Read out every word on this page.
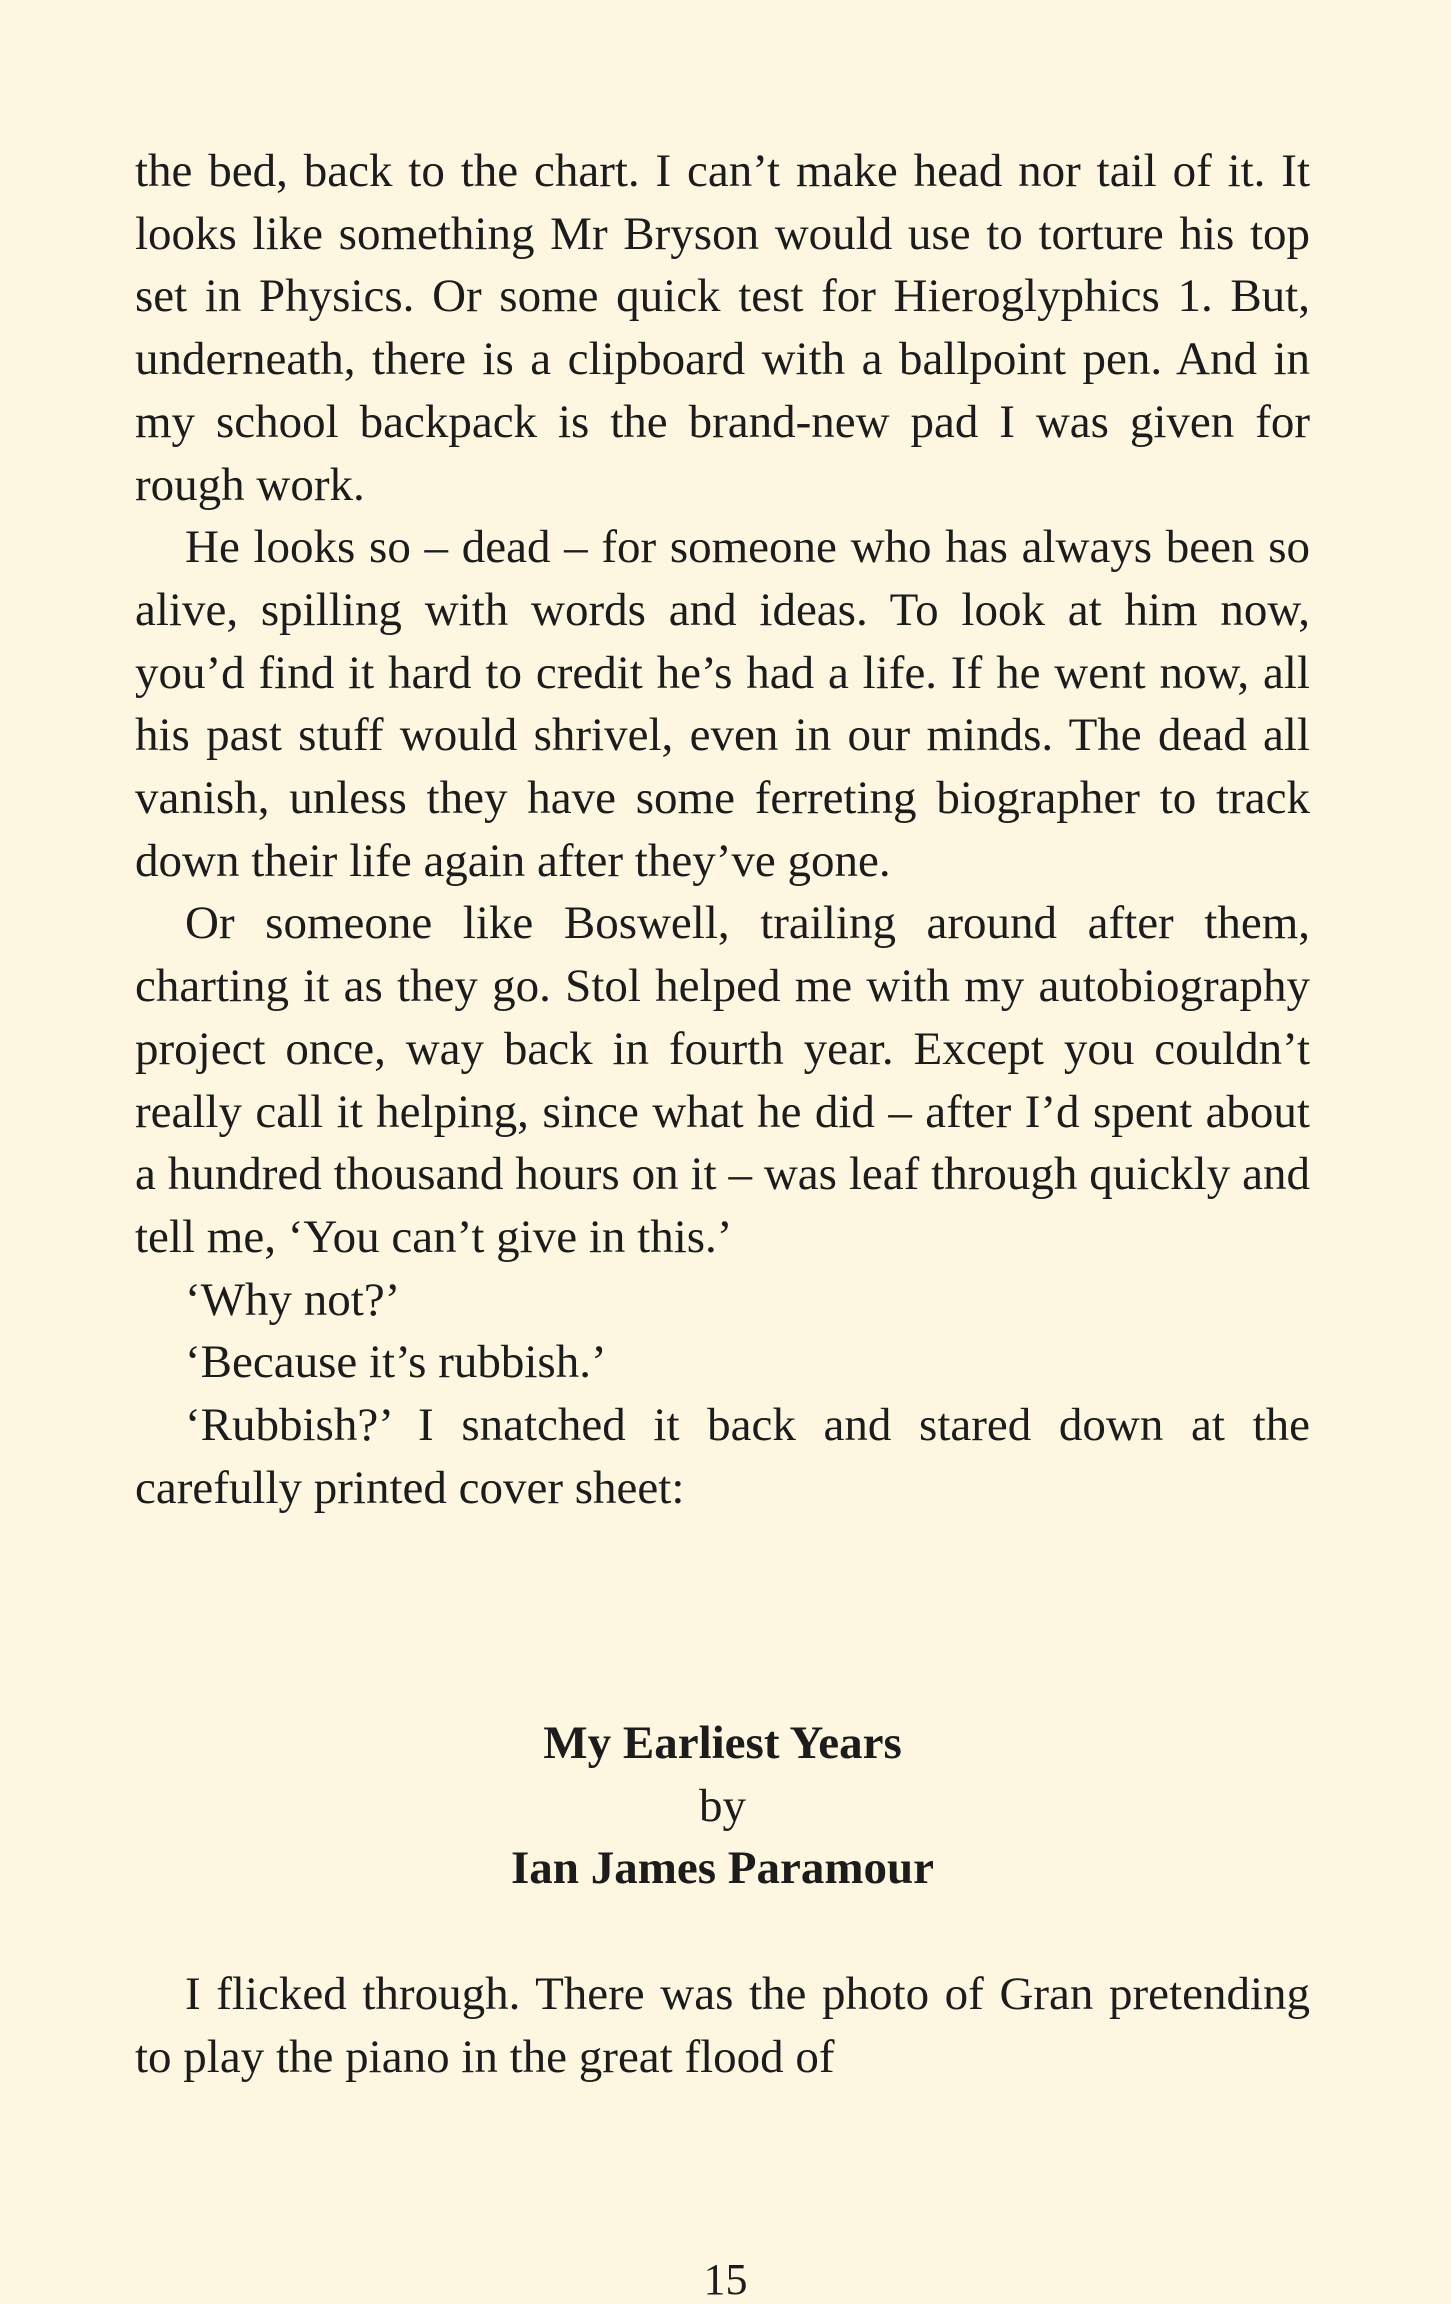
the bed, back to the chart. I can’t make head nor tail of it. It looks like something Mr Bryson would use to torture his top set in Physics. Or some quick test for Hieroglyphics 1. But, underneath, there is a clipboard with a ballpoint pen. And in my school backpack is the brand-new pad I was given for rough work.

He looks so – dead – for someone who has always been so alive, spilling with words and ideas. To look at him now, you’d find it hard to credit he’s had a life. If he went now, all his past stuff would shrivel, even in our minds. The dead all vanish, unless they have some ferreting biographer to track down their life again after they’ve gone.

Or someone like Boswell, trailing around after them, charting it as they go. Stol helped me with my autobiography project once, way back in fourth year. Except you couldn’t really call it helping, since what he did – after I’d spent about a hundred thousand hours on it – was leaf through quickly and tell me, ‘You can’t give in this.’

‘Why not?’

‘Because it’s rubbish.’

‘Rubbish?’ I snatched it back and stared down at the carefully printed cover sheet:

My Earliest Years
by
Ian James Paramour

I flicked through. There was the photo of Gran pretending to play the piano in the great flood of

15
